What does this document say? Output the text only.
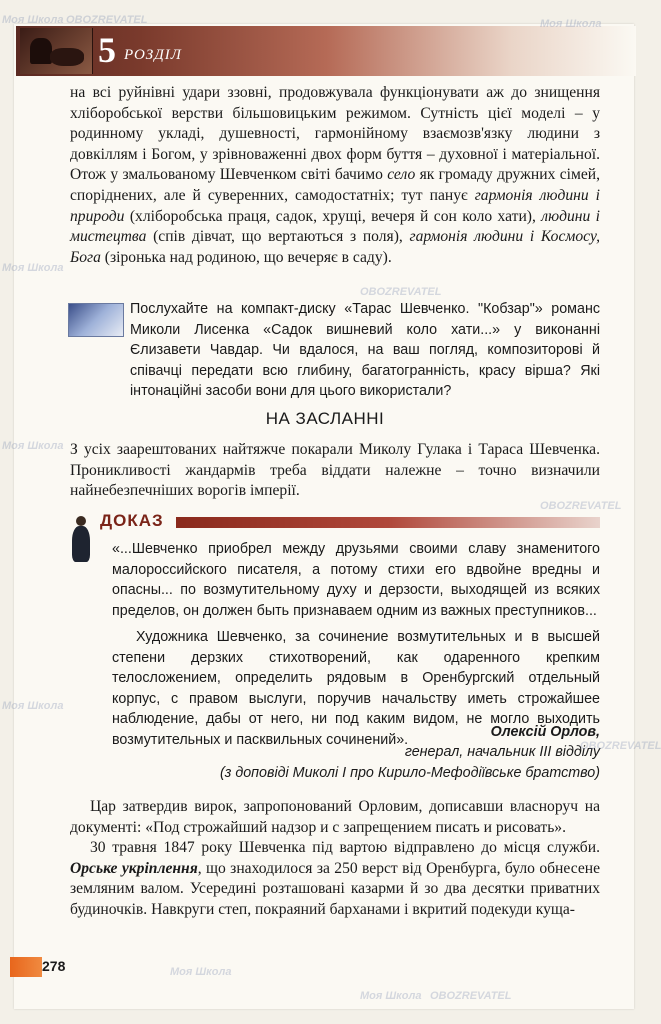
5 РОЗДІЛ

на всі руйнівні удари ззовні, продовжувала функціонувати аж до знищення хліборобської верстви більшовицьким режимом. Сутність цієї моделі – у родинному укладі, душевності, гармонійному взаємозв'язку людини з довкіллям і Богом, у зрівноваженні двох форм буття – духовної і матеріальної. Отож у змальованому Шевченком світі бачимо село як громаду дружних сімей, споріднених, але й суверенних, самодостатніх; тут панує гармонія людини і природи (хліборобська праця, садок, хрущі, вечеря й сон коло хати), людини і мистецтва (спів дівчат, що вертаються з поля), гармонія людини і Космосу, Бога (зіронька над родиною, що вечеряє в саду).

Послухайте на компакт-диску «Тарас Шевченко. "Кобзар"» романс Миколи Лисенка «Садок вишневий коло хати...» у виконанні Єлизавети Чавдар. Чи вдалося, на ваш погляд, композиторові й співачці передати всю глибину, багатогранність, красу вірша? Які інтонаційні засоби вони для цього використали?
НА ЗАСЛАННІ

З усіх заарештованих найтяжче покарали Миколу Гулака і Тараса Шевченка. Проникливості жандармів треба віддати належне – точно визначили найнебезпечніших ворогів імперії.

ДОКАЗ

«...Шевченко приобрел между друзьями своими славу знаменитого малороссийского писателя, а потому стихи его вдвойне вредны и опасны... по возмутительному духу и дерзости, выходящей из всяких пределов, он должен быть признаваем одним из важных преступников...

Художника Шевченко, за сочинение возмутительных и в высшей степени дерзких стихотворений, как одаренного крепким телосложением, определить рядовым в Оренбургский отдельный корпус, с правом выслуги, поручив начальству иметь строжайшее наблюдение, дабы от него, ни под каким видом, не могло выходить возмутительных и пасквильных сочинений».	Олексій Орлов,
генерал, начальник ІІІ відділу
(з доповіді Миколі І про Кирило-Мефодіївське братство)

Цар затвердив вирок, запропонований Орловим, дописавши власноруч на документі: «Под строжайший надзор и с запрещением писать и рисовать».

30 травня 1847 року Шевченка під вартою відправлено до місця служби. Орське укріплення, що знаходилося за 250 верст від Оренбурга, було обнесене земляним валом. Усередині розташовані казарми й зо два десятки приватних будиночків. Навкруги степ, покраяний барханами і вкритий подекуди куща-

278
Моя Школа OBOZREVATEL	Моя Школа
Моя Школа
OBOZREVATEL
Моя Школа
OBOZREVATEL
Моя Школа
OBOZREVATEL
Моя Школа
Моя Школа OBOZREVATEL
